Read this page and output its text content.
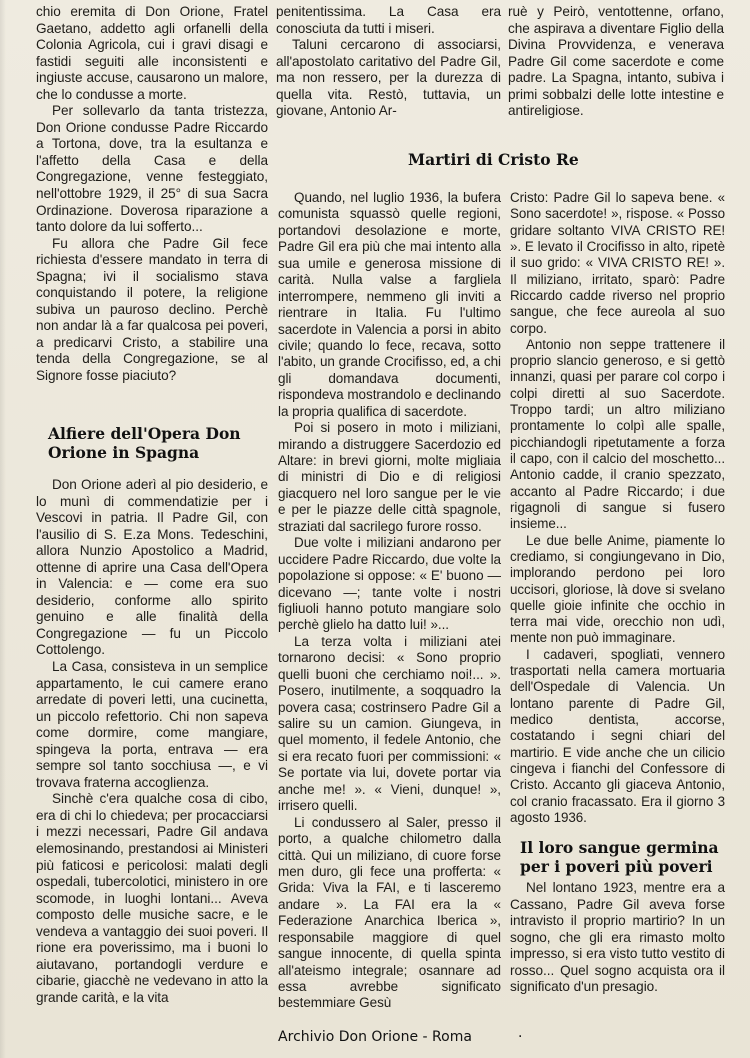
chio eremita di Don Orione, Fratel Gaetano, addetto agli orfanelli della Colonia Agricola, cui i gravi disagi e fastidi seguiti alle inconsistenti e ingiuste accuse, causarono un malore, che lo condusse a morte.

Per sollevarlo da tanta tristezza, Don Orione condusse Padre Riccardo a Tortona, dove, tra la esultanza e l'affetto della Casa e della Congregazione, venne festeggiato, nell'ottobre 1929, il 25° di sua Sacra Ordinazione. Doverosa riparazione a tanto dolore da lui sofferto...

Fu allora che Padre Gil fece richiesta d'essere mandato in terra di Spagna; ivi il socialismo stava conquistando il potere, la religione subiva un pauroso declino. Perchè non andar là a far qualcosa pei poveri, a predicarvi Cristo, a stabilire una tenda della Congregazione, se al Signore fosse piaciuto?

Alfiere dell'Opera Don Orione in Spagna

Don Orione aderì al pio desiderio, e lo munì di commendatizie per i Vescovi in patria. Il Padre Gil, con l'ausilio di S. E.za Mons. Tedeschini, allora Nunzio Apostolico a Madrid, ottenne di aprire una Casa dell'Opera in Valencia: e — come era suo desiderio, conforme allo spirito genuino e alle finalità della Congregazione — fu un Piccolo Cottolengo.

La Casa, consisteva in un semplice appartamento, le cui camere erano arredate di poveri letti, una cucinetta, un piccolo refettorio. Chi non sapeva come dormire, come mangiare, spingeva la porta, entrava — era sempre sol tanto socchiusa —, e vi trovava fraterna accoglienza.

Sinchè c'era qualche cosa di cibo, era di chi lo chiedeva; per procacciarsi i mezzi necessari, Padre Gil andava elemosinando, prestandosi ai Ministeri più faticosi e pericolosi: malati degli ospedali, tubercolotici, ministero in ore scomode, in luoghi lontani... Aveva composto delle musiche sacre, e le vendeva a vantaggio dei suoi poveri. Il rione era poverissimo, ma i buoni lo aiutavano, portandogli verdure e cibarie, giacchè ne vedevano in atto la grande carità, e la vita

penitentissima. La Casa era conosciuta da tutti i miseri.

Taluni cercarono di associarsi, all'apostolato caritativo del Padre Gil, ma non ressero, per la durezza di quella vita. Restò, tuttavia, un giovane, Antonio Ar-

Martiri di Cristo Re

Quando, nel luglio 1936, la bufera comunista squassò quelle regioni, portandovi desolazione e morte, Padre Gil era più che mai intento alla sua umile e generosa missione di carità. Nulla valse a fargliela interrompere, nemmeno gli inviti a rientrare in Italia. Fu l'ultimo sacerdote in Valencia a porsi in abito civile; quando lo fece, recava, sotto l'abito, un grande Crocifisso, ed, a chi gli domandava documenti, rispondeva mostrandolo e declinando la propria qualifica di sacerdote.

Poi si posero in moto i miliziani, mirando a distruggere Sacerdozio ed Altare: in brevi giorni, molte migliaia di ministri di Dio e di religiosi giacquero nel loro sangue per le vie e per le piazze delle città spagnole, straziati dal sacrilego furore rosso.

Due volte i miliziani andarono per uccidere Padre Riccardo, due volte la popolazione si oppose: « E' buono — dicevano —; tante volte i nostri figliuoli hanno potuto mangiare solo perchè glielo ha datto lui! »...

La terza volta i miliziani atei tornarono decisi: « Sono proprio quelli buoni che cerchiamo noi!... ». Posero, inutilmente, a soqquadro la povera casa; costrinsero Padre Gil a salire su un camion. Giungeva, in quel momento, il fedele Antonio, che si era recato fuori per commissioni: « Se portate via lui, dovete portar via anche me! ». « Vieni, dunque! », irrisero quelli.

Li condussero al Saler, presso il porto, a qualche chilometro dalla città. Qui un miliziano, di cuore forse men duro, gli fece una profferta: « Grida: Viva la FAI, e ti lasceremo andare ». La FAI era la « Federazione Anarchica Iberica », responsabile maggiore di quel sangue innocente, di quella spinta all'ateismo integrale; osannare ad essa avrebbe significato bestemmiare Gesù

ruè y Peirò, ventottenne, orfano, che aspirava a diventare Figlio della Divina Provvidenza, e venerava Padre Gil come sacerdote e come padre. La Spagna, intanto, subiva i primi sobbalzi delle lotte intestine e antireligiose.

Cristo: Padre Gil lo sapeva bene. « Sono sacerdote! », rispose. « Posso gridare soltanto VIVA CRISTO RE! ». E levato il Crocifisso in alto, ripetè il suo grido: « VIVA CRISTO RE! ». Il miliziano, irritato, sparò: Padre Riccardo cadde riverso nel proprio sangue, che fece aureola al suo corpo.

Antonio non seppe trattenere il proprio slancio generoso, e si gettò innanzi, quasi per parare col corpo i colpi diretti al suo Sacerdote. Troppo tardi; un altro miliziano prontamente lo colpì alle spalle, picchiandogli ripetutamente a forza il capo, con il calcio del moschetto... Antonio cadde, il cranio spezzato, accanto al Padre Riccardo; i due rigagnoli di sangue si fusero insieme...

Le due belle Anime, piamente lo crediamo, si congiungevano in Dio, implorando perdono pei loro uccisori, gloriose, là dove si svelano quelle gioie infinite che occhio in terra mai vide, orecchio non udì, mente non può immaginare.

I cadaveri, spogliati, vennero trasportati nella camera mortuaria dell'Ospedale di Valencia. Un lontano parente di Padre Gil, medico dentista, accorse, costatando i segni chiari del martirio. E vide anche che un cilicio cingeva i fianchi del Confessore di Cristo. Accanto gli giaceva Antonio, col cranio fracassato. Era il giorno 3 agosto 1936.

Il loro sangue germina per i poveri più poveri

Nel lontano 1923, mentre era a Cassano, Padre Gil aveva forse intravisto il proprio martirio? In un sogno, che gli era rimasto molto impresso, si era visto tutto vestito di rosso... Quel sogno acquista ora il significato d'un presagio.

Archivio Don Orione - Roma	·
